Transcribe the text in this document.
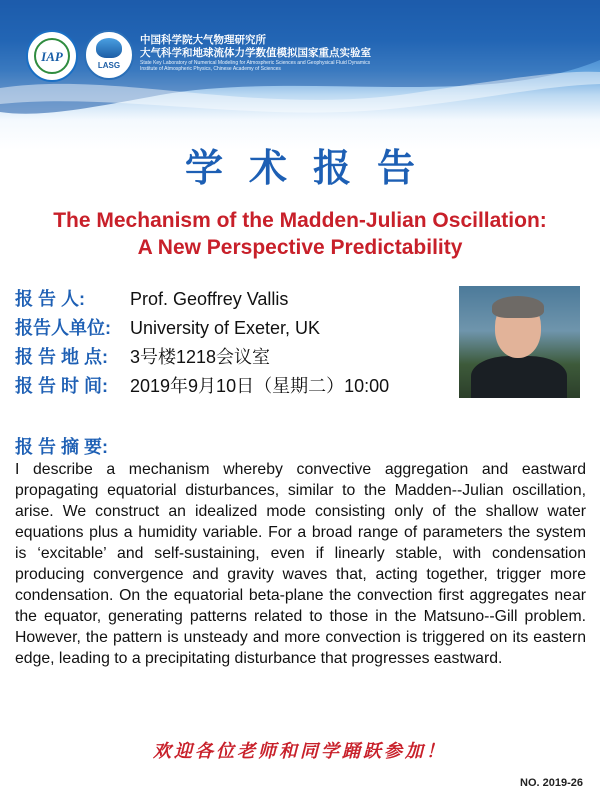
IAP
LASG
中国科学院大气物理研究所
大气科学和地球流体力学数值模拟国家重点实验室
State Key Laboratory of Numerical Modeling for Atmospheric Sciences and Geophysical Fluid Dynamics
Institute of Atmospheric Physics, Chinese Academy of Sciences
学术报告
The Mechanism of the Madden-Julian Oscillation:
A New Perspective Predictability
报 告 人:	Prof. Geoffrey Vallis
报告人单位:	University of Exeter, UK
报 告 地 点:	3号楼1218会议室
报 告 时 间:	2019年9月10日（星期二）10:00
报 告 摘 要:
I describe a mechanism whereby convective aggregation and eastward propagating equatorial disturbances, similar to the Madden--Julian oscillation, arise. We construct an idealized mode consisting only of the shallow water equations plus a humidity variable. For a broad range of parameters the system is ‘excitable’ and self-sustaining, even if linearly stable, with condensation producing convergence and gravity waves that, acting together, trigger more condensation. On the equatorial beta-plane the convection first aggregates near the equator, generating patterns related to those in the Matsuno--Gill problem. However, the pattern is unsteady and more convection is triggered on its eastern edge, leading to a precipitating disturbance that progresses eastward.
欢迎各位老师和同学踊跃参加！
NO. 2019-26
